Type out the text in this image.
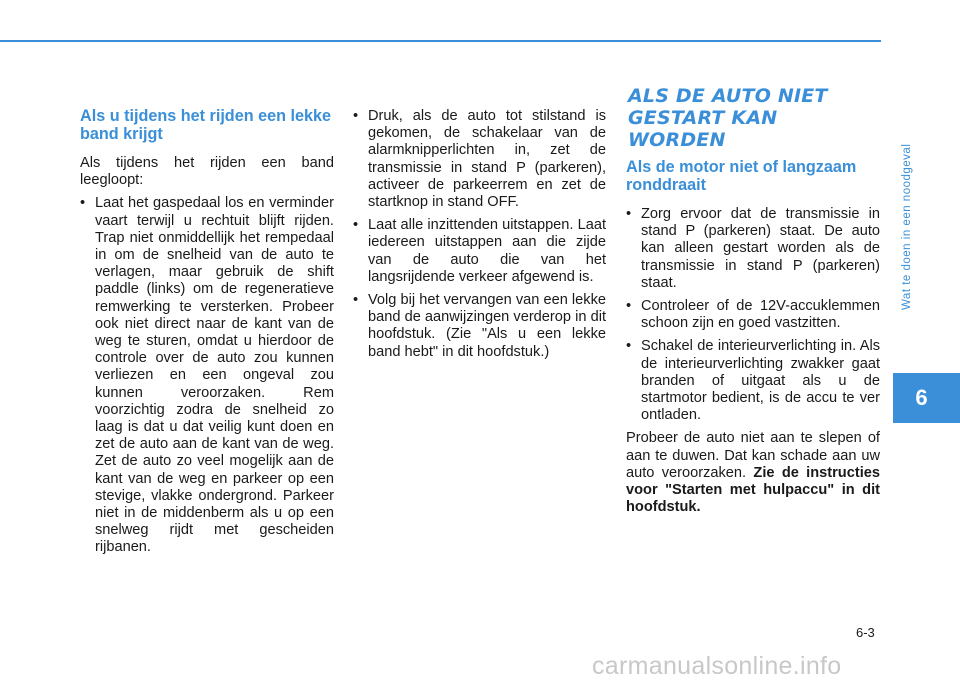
Als u tijdens het rijden een lekke band krijgt

Als tijdens het rijden een band leegloopt:

• Laat het gaspedaal los en verminder vaart terwijl u rechtuit blijft rijden. Trap niet onmiddellijk het rempedaal in om de snelheid van de auto te verlagen, maar gebruik de shift paddle (links) om de regeneratieve remwerking te versterken. Probeer ook niet direct naar de kant van de weg te sturen, omdat u hierdoor de controle over de auto zou kunnen verliezen en een ongeval zou kunnen veroorzaken. Rem voorzichtig zodra de snelheid zo laag is dat u dat veilig kunt doen en zet de auto aan de kant van de weg. Zet de auto zo veel mogelijk aan de kant van de weg en parkeer op een stevige, vlakke ondergrond. Parkeer niet in de middenberm als u op een snelweg rijdt met gescheiden rijbanen.
• Druk, als de auto tot stilstand is gekomen, de schakelaar van de alarmknipperlichten in, zet de transmissie in stand P (parkeren), activeer de parkeerrem en zet de startknop in stand OFF.
• Laat alle inzittenden uitstappen. Laat iedereen uitstappen aan die zijde van de auto die van het langsrijdende verkeer afgewend is.
• Volg bij het vervangen van een lekke band de aanwijzingen verderop in dit hoofdstuk. (Zie "Als u een lekke band hebt" in dit hoofdstuk.)
ALS DE AUTO NIET
GESTART KAN WORDEN
Als de motor niet of langzaam ronddraait
• Zorg ervoor dat de transmissie in stand P (parkeren) staat. De auto kan alleen gestart worden als de transmissie in stand P (parkeren) staat.
• Controleer of de 12V-accuklemmen schoon zijn en goed vastzitten.
• Schakel de interieurverlichting in. Als de interieurverlichting zwakker gaat branden of uitgaat als u de startmotor bedient, is de accu te ver ontladen.

Probeer de auto niet aan te slepen of aan te duwen. Dat kan schade aan uw auto veroorzaken. Zie de instructies voor "Starten met hulpaccu" in dit hoofdstuk.

Wat te doen in een noodgeval
6
6-3
carmanualsonline.info
